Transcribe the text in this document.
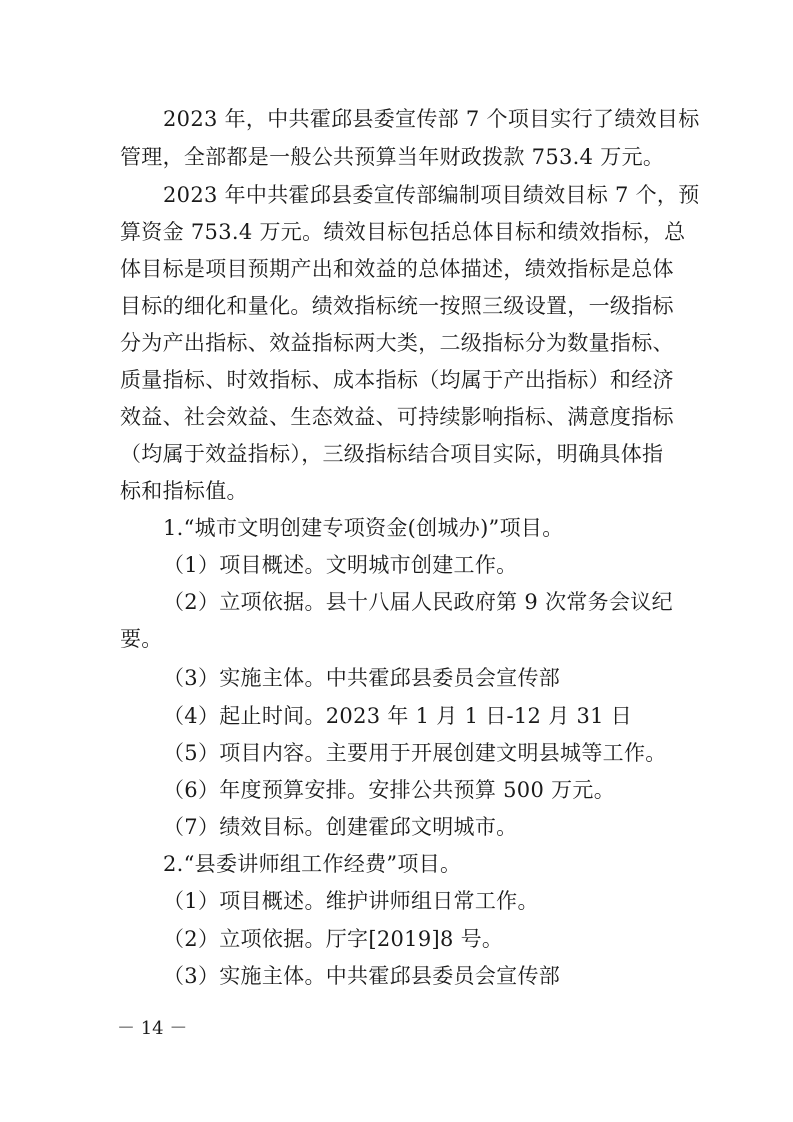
2023 年，中共霍邱县委宣传部 7 个项目实行了绩效目标
管理，全部都是一般公共预算当年财政拨款 753.4 万元。
2023 年中共霍邱县委宣传部编制项目绩效目标 7 个，预
算资金 753.4 万元。绩效目标包括总体目标和绩效指标，总
体目标是项目预期产出和效益的总体描述，绩效指标是总体
目标的细化和量化。绩效指标统一按照三级设置，一级指标
分为产出指标、效益指标两大类，二级指标分为数量指标、
质量指标、时效指标、成本指标（均属于产出指标）和经济
效益、社会效益、生态效益、可持续影响指标、满意度指标
（均属于效益指标），三级指标结合项目实际，明确具体指
标和指标值。
1.“城市文明创建专项资金(创城办)”项目。
（1）项目概述。文明城市创建工作。
（2）立项依据。县十八届人民政府第 9 次常务会议纪
要。
（3）实施主体。中共霍邱县委员会宣传部
（4）起止时间。2023 年 1 月 1 日-12 月 31 日
（5）项目内容。主要用于开展创建文明县城等工作。
（6）年度预算安排。安排公共预算 500 万元。
（7）绩效目标。创建霍邱文明城市。
2.“县委讲师组工作经费”项目。
（1）项目概述。维护讲师组日常工作。
（2）立项依据。厅字[2019]8 号。
（3）实施主体。中共霍邱县委员会宣传部
－ 14 －
